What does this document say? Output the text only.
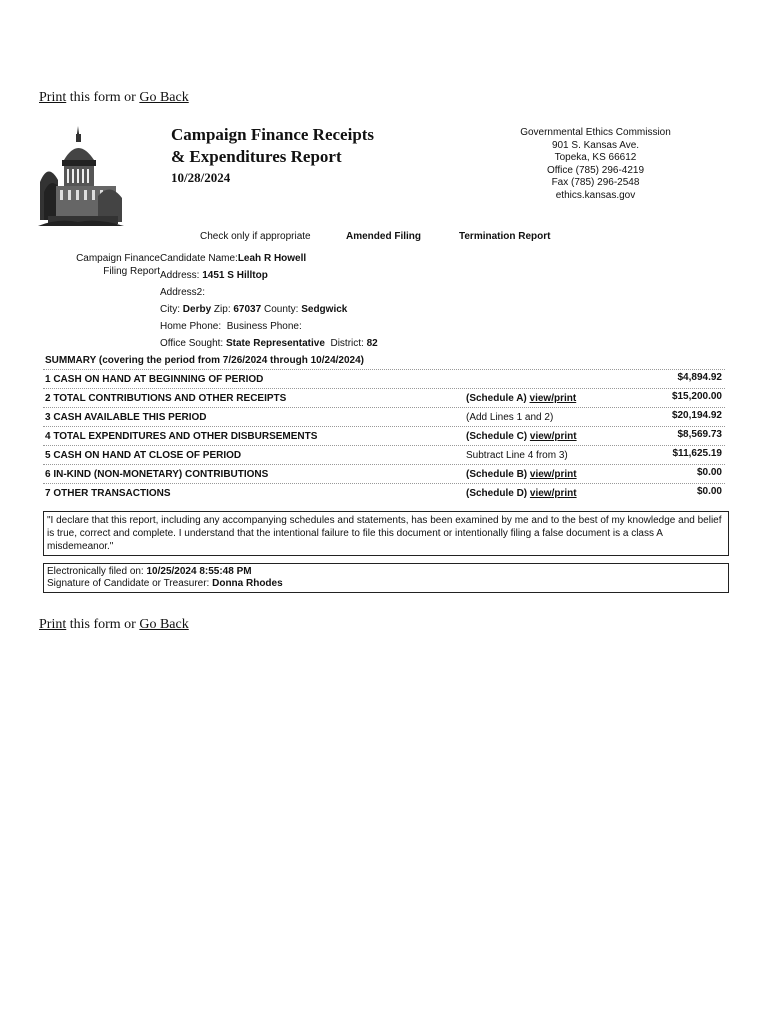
Print this form or Go Back
Campaign Finance Receipts
& Expenditures Report
10/28/2024
Governmental Ethics Commission
901 S. Kansas Ave.
Topeka, KS 66612
Office (785) 296-4219
Fax (785) 296-2548
ethics.kansas.gov
Check only if appropriate	Amended Filing	Termination Report
Campaign Finance Filing Report
Candidate Name:Leah R Howell
Address: 1451 S Hilltop
Address2:
City: Derby Zip: 67037 County: Sedgwick
Home Phone: Business Phone:
Office Sought: State Representative District: 82
SUMMARY (covering the period from 7/26/2024 through 10/24/2024)
1 CASH ON HAND AT BEGINNING OF PERIOD	$4,894.92
2 TOTAL CONTRIBUTIONS AND OTHER RECEIPTS	(Schedule A) view/print	$15,200.00
3 CASH AVAILABLE THIS PERIOD	(Add Lines 1 and 2)	$20,194.92
4 TOTAL EXPENDITURES AND OTHER DISBURSEMENTS	(Schedule C) view/print	$8,569.73
5 CASH ON HAND AT CLOSE OF PERIOD	Subtract Line 4 from 3)	$11,625.19
6 IN-KIND (NON-MONETARY) CONTRIBUTIONS	(Schedule B) view/print	$0.00
7 OTHER TRANSACTIONS	(Schedule D) view/print	$0.00
"I declare that this report, including any accompanying schedules and statements, has been examined by me and to the best of my knowledge and belief is true, correct and complete. I understand that the intentional failure to file this document or intentionally filing a false document is a class A misdemeanor."
Electronically filed on: 10/25/2024 8:55:48 PM
Signature of Candidate or Treasurer: Donna Rhodes
Print this form or Go Back
